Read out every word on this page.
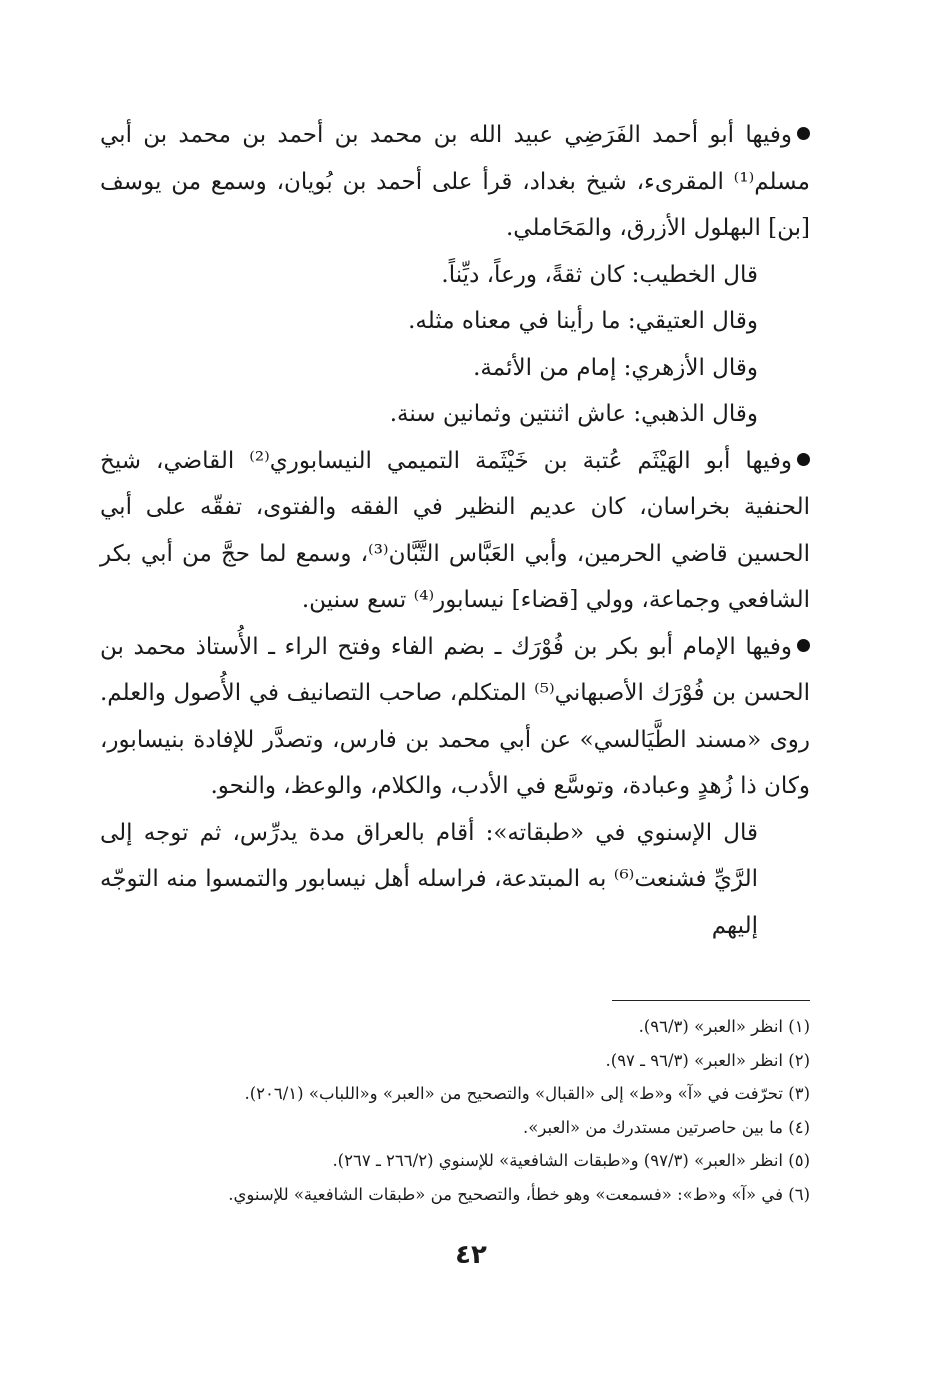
وفيها أبو أحمد الفَرَضِي عبيد الله بن محمد بن أحمد بن محمد بن أبي مسلم⁽¹⁾ المقرىء، شيخ بغداد، قرأ على أحمد بن بُويان، وسمع من يوسف [بن] البهلول الأزرق، والمَحَاملي.

قال الخطيب: كان ثقةً، ورعاً، ديِّناً.

وقال العتيقي: ما رأينا في معناه مثله.

وقال الأزهري: إمام من الأئمة.

وقال الذهبي: عاش اثنتين وثمانين سنة.

وفيها أبو الهَيْثَم عُتبة بن خَيْثَمة التميمي النيسابوري⁽²⁾ القاضي، شيخ الحنفية بخراسان، كان عديم النظير في الفقه والفتوى، تفقّه على أبي الحسين قاضي الحرمين، وأبي العَبَّاس التَّبَّان⁽³⁾، وسمع لما حجَّ من أبي بكر الشافعي وجماعة، وولي [قضاء] نيسابور⁽⁴⁾ تسع سنين.

وفيها الإمام أبو بكر بن فُوْرَك ـ بضم الفاء وفتح الراء ـ الأُستاذ محمد بن الحسن بن فُوْرَك الأصبهاني⁽⁵⁾ المتكلم، صاحب التصانيف في الأُصول والعلم. روى «مسند الطَّيَالسي» عن أبي محمد بن فارس، وتصدَّر للإفادة بنيسابور، وكان ذا زُهدٍ وعبادة، وتوسَّع في الأدب، والكلام، والوعظ، والنحو.

قال الإسنوي في «طبقاته»: أقام بالعراق مدة يدرِّس، ثم توجه إلى الرَّيِّ فشنعت⁽⁶⁾ به المبتدعة، فراسله أهل نيسابور والتمسوا منه التوجّه إليهم

(١) انظر «العبر» (٩٦/٣).

(٢) انظر «العبر» (٩٦/٣ ـ ٩٧).

(٣) تحرّفت في «آ» و«ط» إلى «القبال» والتصحيح من «العبر» و«اللباب» (٢٠٦/١).

(٤) ما بين حاصرتين مستدرك من «العبر».

(٥) انظر «العبر» (٩٧/٣) و«طبقات الشافعية» للإسنوي (٢٦٦/٢ ـ ٢٦٧).

(٦) في «آ» و«ط»: «فسمعت» وهو خطأ، والتصحيح من «طبقات الشافعية» للإسنوي.

٤٢
